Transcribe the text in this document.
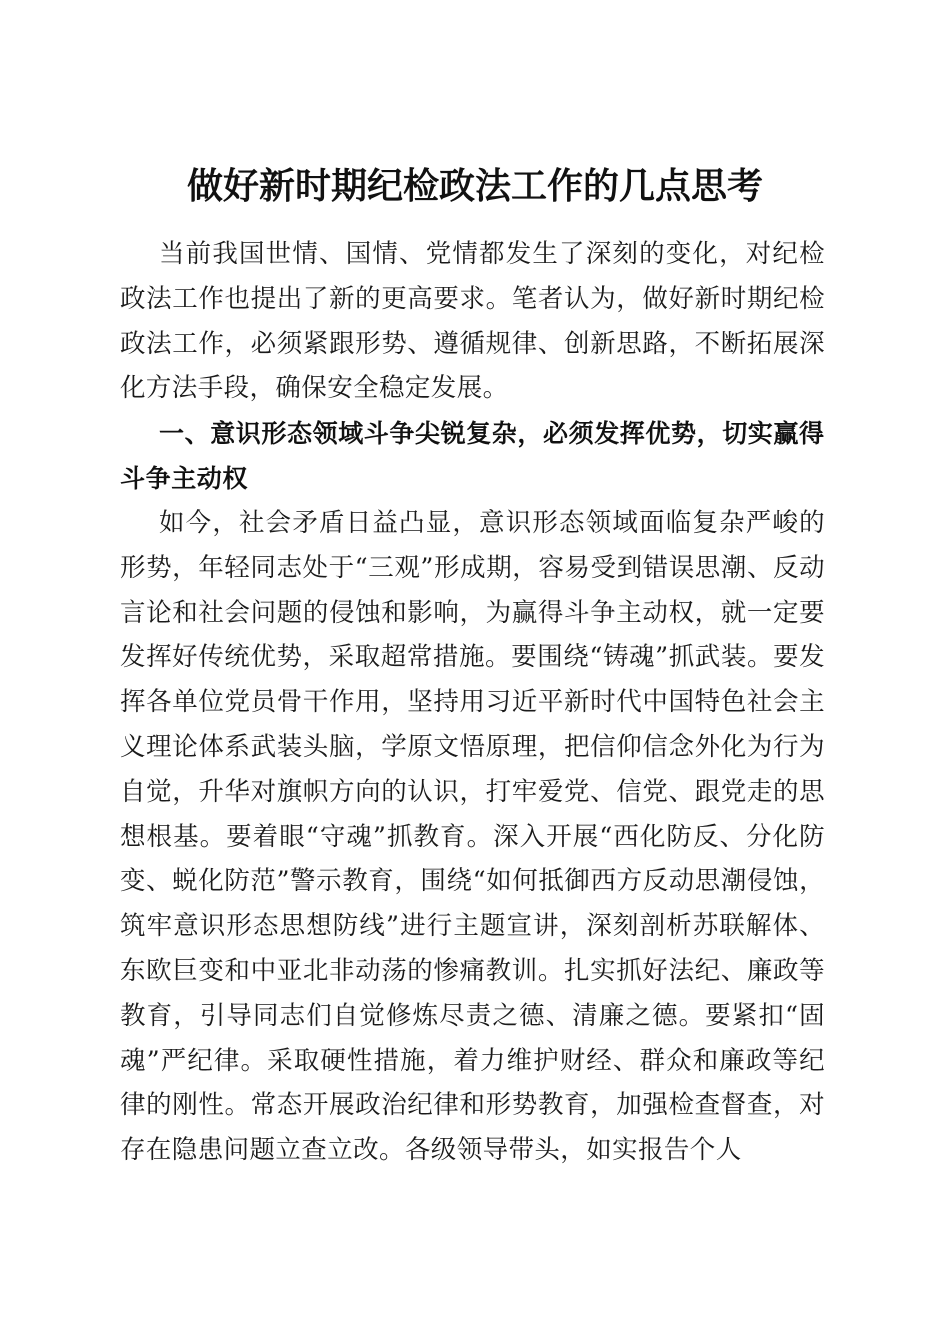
做好新时期纪检政法工作的几点思考

当前我国世情、国情、党情都发生了深刻的变化，对纪检政法工作也提出了新的更高要求。笔者认为，做好新时期纪检政法工作，必须紧跟形势、遵循规律、创新思路，不断拓展深化方法手段，确保安全稳定发展。

一、意识形态领域斗争尖锐复杂，必须发挥优势，切实赢得斗争主动权

如今，社会矛盾日益凸显，意识形态领域面临复杂严峻的形势，年轻同志处于“三观”形成期，容易受到错误思潮、反动言论和社会问题的侵蚀和影响，为赢得斗争主动权，就一定要发挥好传统优势，采取超常措施。要围绕“铸魂”抓武装。要发挥各单位党员骨干作用，坚持用习近平新时代中国特色社会主义理论体系武装头脑，学原文悟原理，把信仰信念外化为行为自觉，升华对旗帜方向的认识，打牢爱党、信党、跟党走的思想根基。要着眼“守魂”抓教育。深入开展“西化防反、分化防变、蜕化防范”警示教育，围绕“如何抵御西方反动思潮侵蚀，筑牢意识形态思想防线”进行主题宣讲，深刻剖析苏联解体、东欧巨变和中亚北非动荡的惨痛教训。扎实抓好法纪、廉政等教育，引导同志们自觉修炼尽责之德、清廉之德。要紧扣“固魂”严纪律。采取硬性措施，着力维护财经、群众和廉政等纪律的刚性。常态开展政治纪律和形势教育，加强检查督查，对存在隐患问题立查立改。各级领导带头，如实报告个人
